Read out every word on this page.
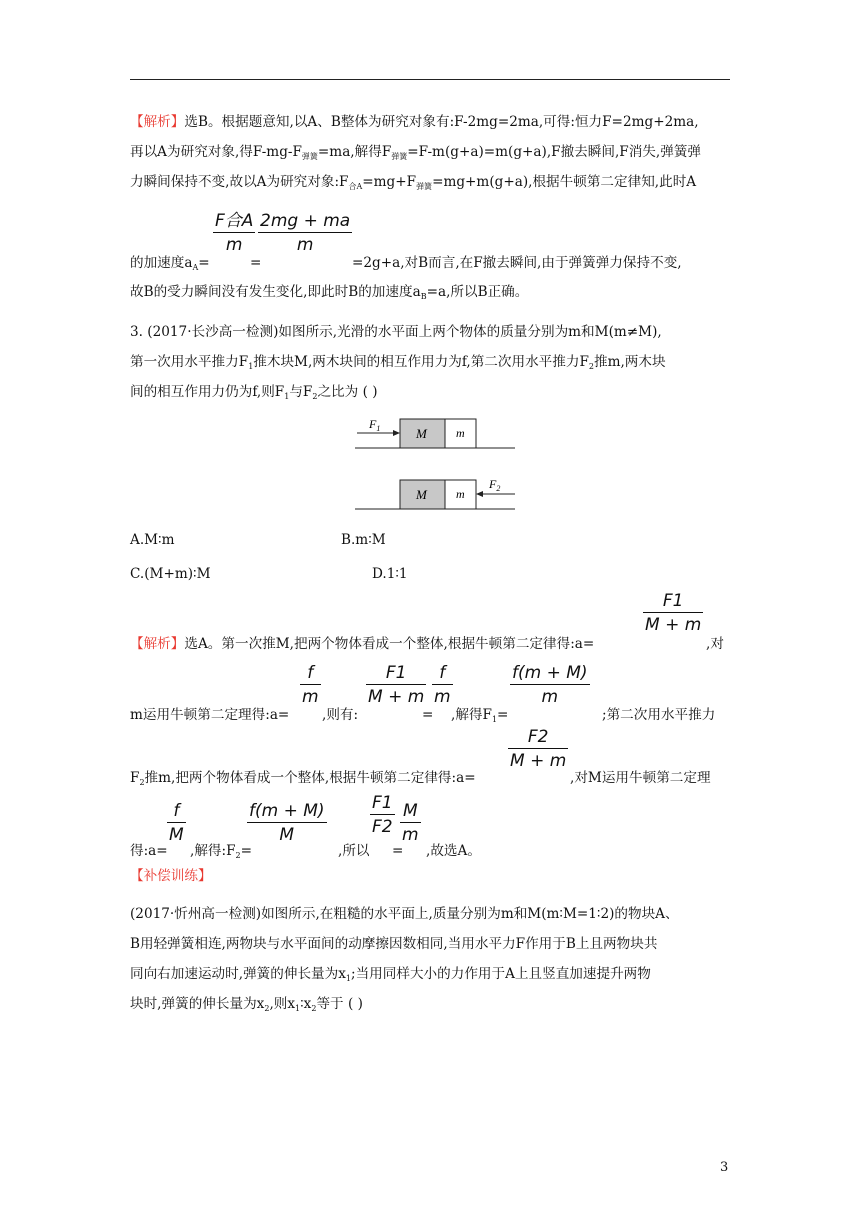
【解析】选B。根据题意知,以A、B整体为研究对象有:F-2mg=2ma,可得:恒力F=2mg+2ma,
再以A为研究对象,得$F-mg-F_{弹簧}=ma$,解得$F_{弹簧}=F-m(g+a)=m(g+a),F$撤去瞬间,F消失,弹簧弹
力瞬间保持不变,故以A为研究对象$:F_{合A}=mg+F_{弹簧}=mg+m(g+a)$,根据牛顿第二定律知,此时A
F合A
m
2mg + ma
m
的加速度$a_A=$	=	=2g+a,对B而言,在F撤去瞬间,由于弹簧弹力保持不变,
故B的受力瞬间没有发生变化,即此时B的加速度$a_B=a$,所以B正确。
3. (2017·长沙高一检测)如图所示,光滑的水平面上两个物体的质量分别为m和M(m≠M),
第一次用水平推力$F_1$推木块M,两木块间的相互作用力为f,第二次用水平推力$F_2$推m,两木块
间的相互作用力仍为f,则$F_1$与$F_2$之比为 ( )
$F_1$	M m
$F_2$
M m
A.M∶m	B.m∶M
C.(M+m)∶M	D.1∶1
F1
M + m
【解析】选A。第一次推M,把两个物体看成一个整体,根据牛顿第二定律得:a=	,对
f
m
F1
M + m
f
m
f(m + M)
m
m运用牛顿第二定理得:a= ,则有:	= ,解得$F_1=$	;第二次用水平推力
F2
M + m
$F_2$推m,把两个物体看成一个整体,根据牛顿第二定律得:a=	,对M运用牛顿第二定理
f
M
f(m + M)
M
F1
F2
M
m
得:a= ,解得$:F_2=$	,所以 = ,故选A。
【补偿训练】
(2017·忻州高一检测)如图所示,在粗糙的水平面上,质量分别为m和M(m∶M=1∶2)的物块A、
B用轻弹簧相连,两物块与水平面间的动摩擦因数相同,当用水平力F作用于B上且两物块共
同向右加速运动时,弹簧的伸长量为$x_1$;当用同样大小的力作用于A上且竖直加速提升两物
块时,弹簧的伸长量为$x_2$,则$x_1∶x_2$等于 ( )
3
